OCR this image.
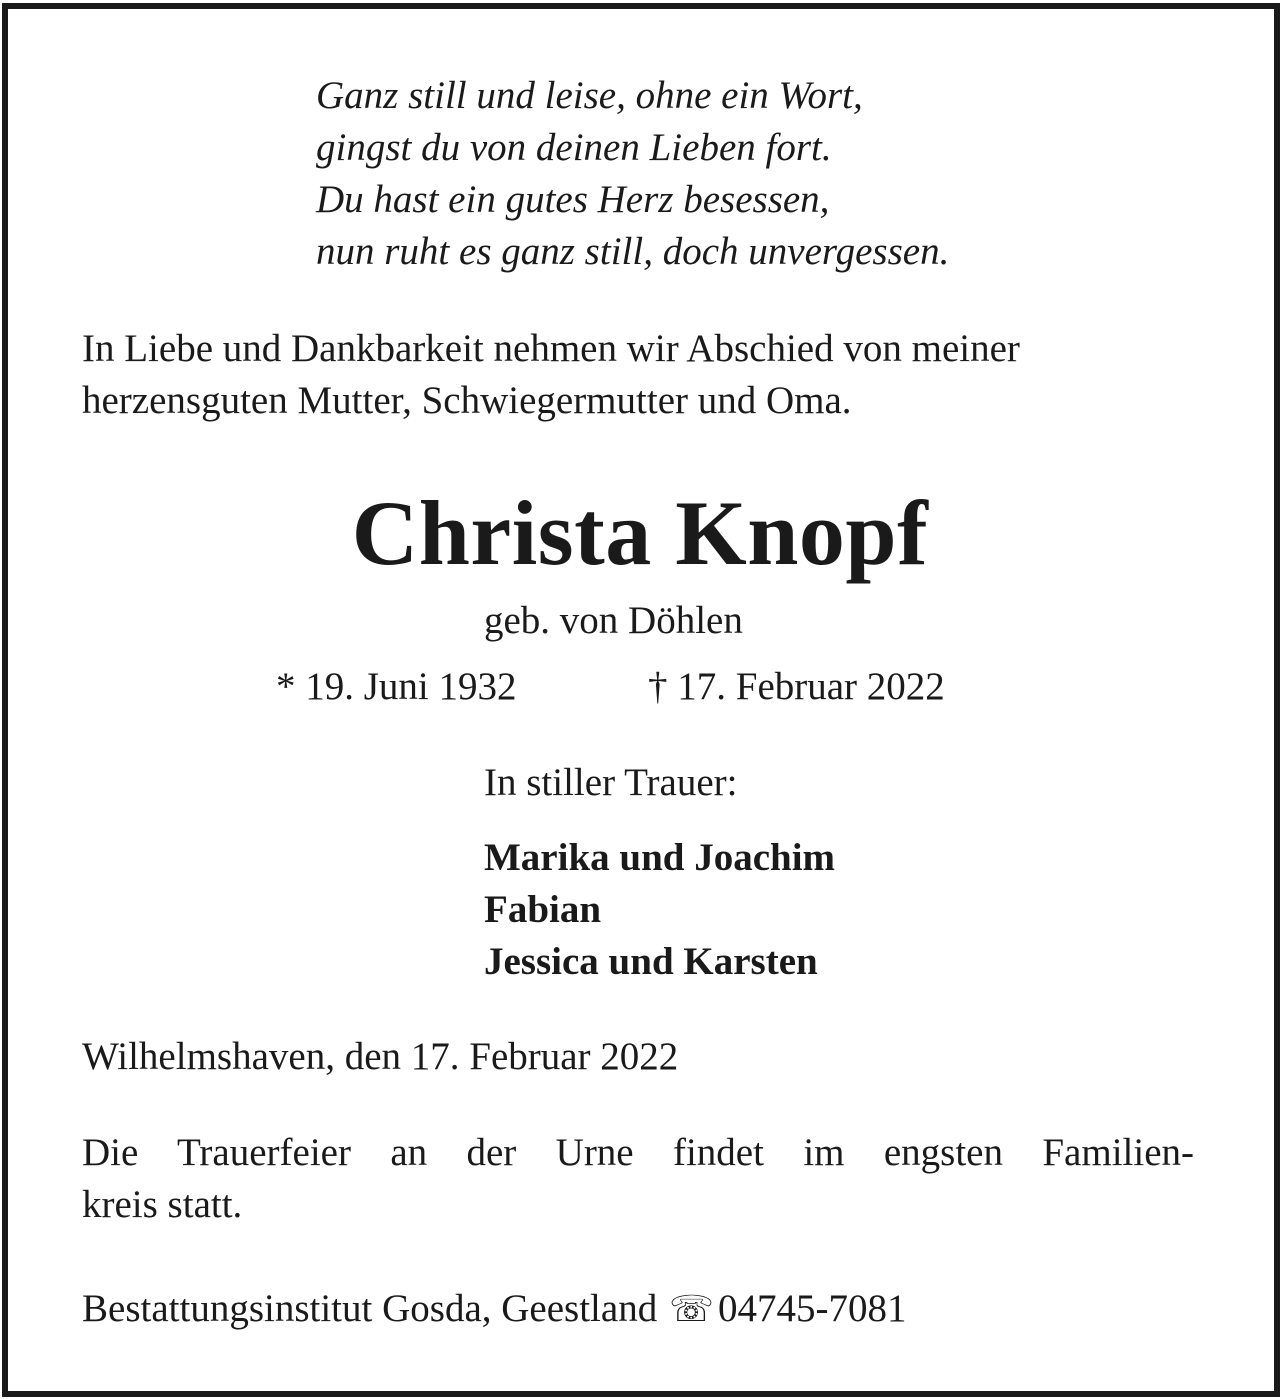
Ganz still und leise, ohne ein Wort,
gingst du von deinen Lieben fort.
Du hast ein gutes Herz besessen,
nun ruht es ganz still, doch unvergessen.
In Liebe und Dankbarkeit nehmen wir Abschied von meiner
herzensguten Mutter, Schwiegermutter und Oma.
Christa Knopf
geb. von Döhlen
* 19. Juni 1932	† 17. Februar 2022
In stiller Trauer:
Marika und Joachim
Fabian
Jessica und Karsten
Wilhelmshaven, den 17. Februar 2022
Die Trauerfeier an der Urne findet im engsten Familien-
kreis statt.
Bestattungsinstitut Gosda, Geestland ☏ 04745-7081
